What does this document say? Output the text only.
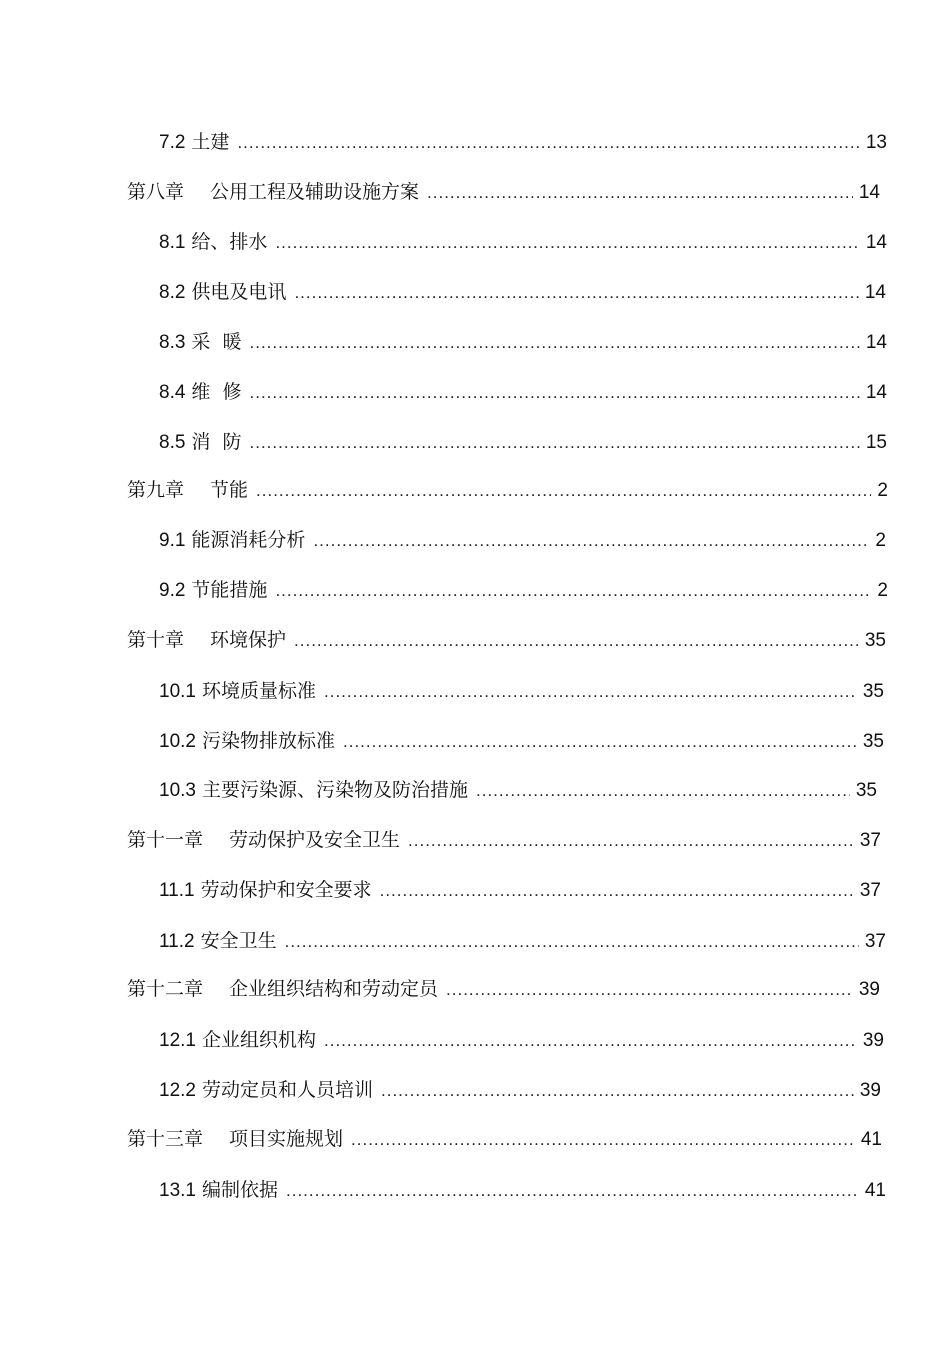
7.2 土建 .....	13
第八章 公用工程及辅助设施方案 .....	14
8.1 给、排水 .....	14
8.2 供电及电讯 .....	14
8.3 采  暖 .....	14
8.4 维  修 .....	14
8.5 消  防 .....	15
第九章 节能 .....	2
9.1 能源消耗分析 .....	2
9.2 节能措施 .....	2
第十章 环境保护 .....	35
10.1 环境质量标准 .....	35
10.2 污染物排放标准 .....	35
10.3 主要污染源、污染物及防治措施 .....	35
第十一章 劳动保护及安全卫生 .....	37
11.1 劳动保护和安全要求 .....	37
11.2 安全卫生 .....	37
第十二章 企业组织结构和劳动定员 .....	39
12.1 企业组织机构 .....	39
12.2 劳动定员和人员培训 .....	39
第十三章 项目实施规划 .....	41
13.1 编制依据 .....	41
